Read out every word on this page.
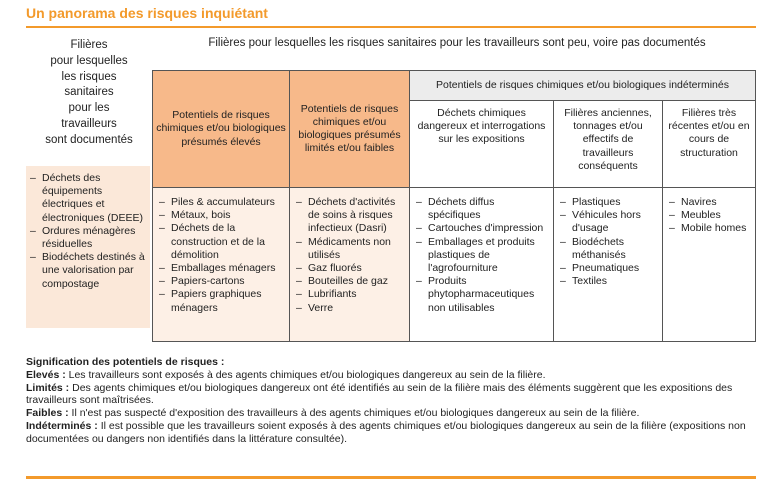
Un panorama des risques inquiétant
Filières
pour lesquelles
les risques
sanitaires
pour les
travailleurs
sont documentés
– Déchets des équipements électriques et électroniques (DEEE)
– Ordures ménagères résiduelles
– Biodéchets destinés à une valorisation par compostage
Filières pour lesquelles les risques sanitaires pour les travailleurs sont peu, voire pas documentés
Potentiels de risques chimiques et/ou biologiques présumés élevés
Potentiels de risques chimiques et/ou biologiques présumés limités et/ou faibles
Potentiels de risques chimiques et/ou biologiques indéterminés
Déchets chimiques dangereux et interrogations sur les expositions
Filières anciennes, tonnages et/ou effectifs de travailleurs conséquents
Filières très récentes et/ou en cours de structuration
– Piles & accumulateurs
– Métaux, bois
– Déchets de la construction et de la démolition
– Emballages ménagers
– Papiers-cartons
– Papiers graphiques ménagers
– Déchets d'activités de soins à risques infectieux (Dasri)
– Médicaments non utilisés
– Gaz fluorés
– Bouteilles de gaz
– Lubrifiants
– Verre
– Déchets diffus spécifiques
– Cartouches d'impression
– Emballages et produits plastiques de l'agrofourniture
– Produits phytopharmaceutiques non utilisables
– Plastiques
– Véhicules hors d'usage
– Biodéchets méthanisés
– Pneumatiques
– Textiles
– Navires
– Meubles
– Mobile homes
Signification des potentiels de risques :
Elevés : Les travailleurs sont exposés à des agents chimiques et/ou biologiques dangereux au sein de la filière.
Limités : Des agents chimiques et/ou biologiques dangereux ont été identifiés au sein de la filière mais des éléments suggèrent que les expositions des travailleurs sont maîtrisées.
Faibles : Il n'est pas suspecté d'exposition des travailleurs à des agents chimiques et/ou biologiques dangereux au sein de la filière.
Indéterminés : Il est possible que les travailleurs soient exposés à des agents chimiques et/ou biologiques dangereux au sein de la filière (expositions non documentées ou dangers non identifiés dans la littérature consultée).
